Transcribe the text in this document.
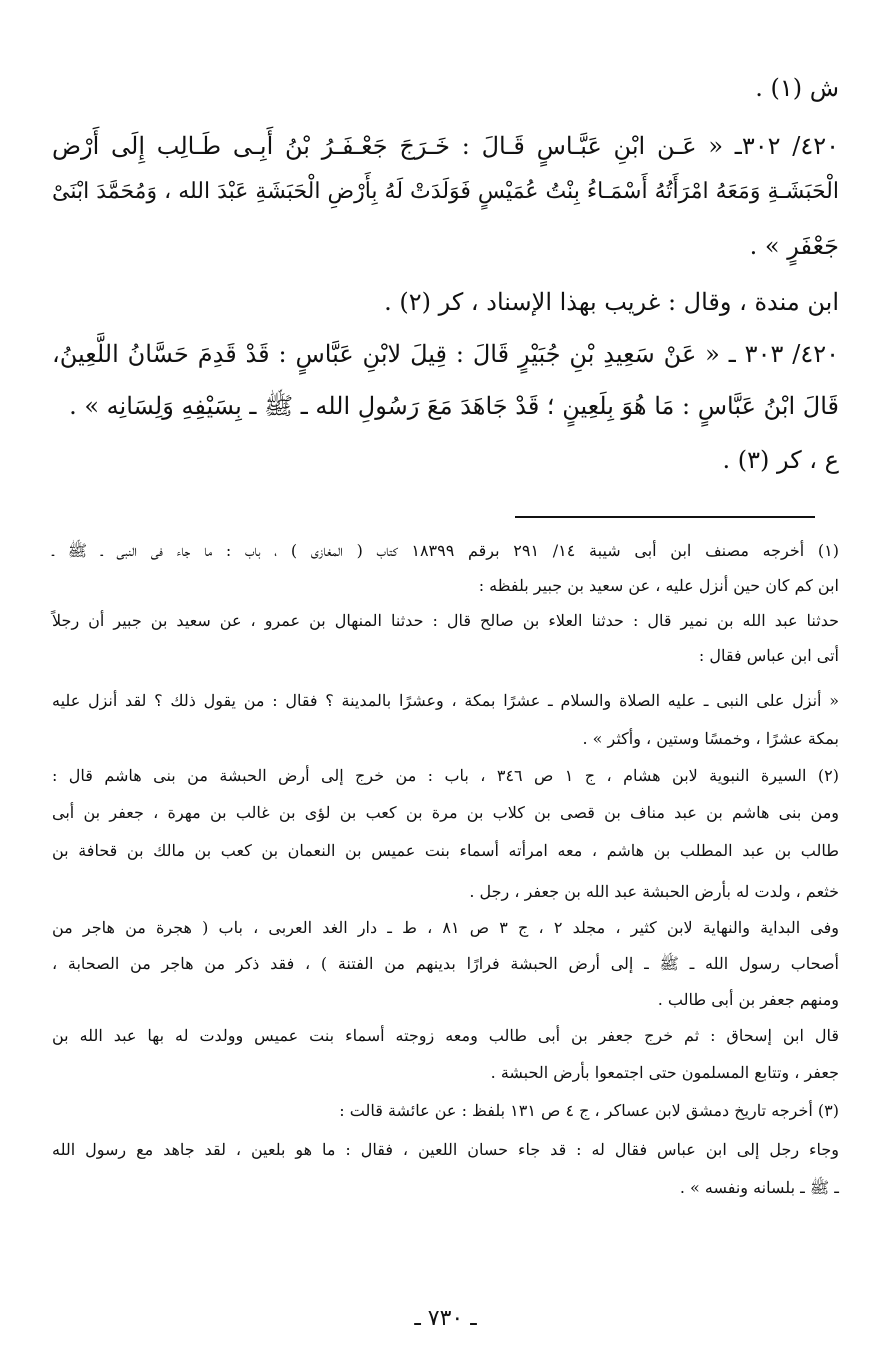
ش (١) .
٤٢٠/ ٣٠٢ـ « عَـن ابْنِ عَبَّـاسٍ قَـالَ : خَـرَجَ جَعْـفَـرُ بْنُ أَبِـى طَـالِب إِلَى أَرْض
الْحَبَشَـةِ وَمَعَهُ امْرَأَتُهُ أَسْمَـاءُ بِنْتُ عُمَيْسٍ فَوَلَدَتْ لَهُ بِأَرْضِ الْحَبَشَةِ عَبْدَ الله ، وَمُحَمَّدَ ابْنَىْ
جَعْفَرٍ » .
ابن مندة ، وقال : غريب بهذا الإسناد ، كر (٢) .
٤٢٠/ ٣٠٣ ـ « عَنْ سَعِيدِ بْنِ جُبَيْرٍ قَالَ : قِيلَ لابْنِ عَبَّاسٍ : قَدْ قَدِمَ حَسَّانُ اللَّعِينُ،
قَالَ ابْنُ عَبَّاسٍ : مَا هُوَ بِلَعِينٍ ؛ قَدْ جَاهَدَ مَعَ رَسُولِ الله ـ ﷺ ـ بِسَيْفِهِ وَلِسَانِه » .
ع ، كر (٣) .
(١) أخرجه مصنف ابن أبى شيبة ١٤/ ٢٩١ برقم ١٨٣٩٩ كتاب ( المغازى ) ، باب : ما جاء فى النبى ـ ﷺ ـ
ابن كم كان حين أنزل عليه ، عن سعيد بن جبير بلفظه :
حدثنا عبد الله بن نمير قال : حدثنا العلاء بن صالح قال : حدثنا المنهال بن عمرو ، عن سعيد بن جبير أن رجلاً
أتى ابن عباس فقال :
« أنزل على النبى ـ عليه الصلاة والسلام ـ عشرًا بمكة ، وعشرًا بالمدينة ؟ فقال : من يقول ذلك ؟ لقد أنزل عليه
بمكة عشرًا ، وخمسًا وستين ، وأكثر » .
(٢) السيرة النبوية لابن هشام ، ج ١ ص ٣٤٦ ، باب : من خرج إلى أرض الحبشة من بنى هاشم قال :
ومن بنى هاشم بن عبد مناف بن قصى بن كلاب بن مرة بن كعب بن لؤى بن غالب بن مهرة ، جعفر بن أبى
طالب بن عبد المطلب بن هاشم ، معه امرأته أسماء بنت عميس بن النعمان بن كعب بن مالك بن قحافة بن
خثعم ، ولدت له بأرض الحبشة عبد الله بن جعفر ، رجل .
وفى البداية والنهاية لابن كثير ، مجلد ٢ ، ج ٣ ص ٨١ ، ط ـ دار الغد العربى ، باب ( هجرة من هاجر من
أصحاب رسول الله ـ ﷺ ـ إلى أرض الحبشة فرارًا بدينهم من الفتنة ) ، فقد ذكر من هاجر من الصحابة ،
ومنهم جعفر بن أبى طالب .
قال ابن إسحاق : ثم خرج جعفر بن أبى طالب ومعه زوجته أسماء بنت عميس وولدت له بها عبد الله بن
جعفر ، وتتابع المسلمون حتى اجتمعوا بأرض الحبشة .
(٣) أخرجه تاريخ دمشق لابن عساكر ، ج ٤ ص ١٣١ بلفظ : عن عائشة قالت :
وجاء رجل إلى ابن عباس فقال له : قد جاء حسان اللعين ، فقال : ما هو بلعين ، لقد جاهد مع رسول الله
ـ ﷺ ـ بلسانه ونفسه » .
ـ ٧٣٠ ـ
